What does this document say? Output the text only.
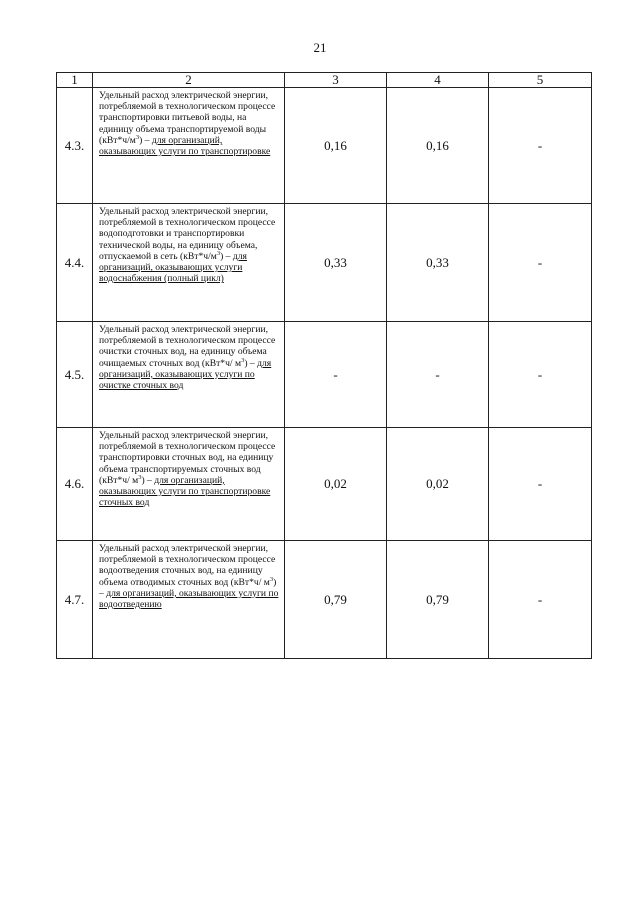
21
1	2	3	4	5
4.3.	Удельный расход электрической энергии, потребляемой в технологическом процессе транспортировки питьевой воды, на единицу объема транспортируемой воды $(кВт*ч/м^3)$ – для организаций, оказывающих услуги по транспортировке	0,16	0,16	-
4.4.	Удельный расход электрической энергии, потребляемой в технологическом процессе водоподготовки и транспортировки технической воды, на единицу объема, отпускаемой в сеть $(кВт*ч/м^3)$ – для организаций, оказывающих услуги водоснабжения (полный цикл)	0,33	0,33	-
4.5.	Удельный расход электрической энергии, потребляемой в технологическом процессе очистки сточных вод, на единицу объема очищаемых сточных вод (кВт*ч/ $м^3$) – для организаций, оказывающих услуги по очистке сточных вод	-	-	-
4.6.	Удельный расход электрической энергии, потребляемой в технологическом процессе транспортировки сточных вод, на единицу объема транспортируемых сточных вод (кВт*ч/ $м^3$) – для организаций, оказывающих услуги по транспортировке сточных вод	0,02	0,02	-
4.7.	Удельный расход электрической энергии, потребляемой в технологическом процессе водоотведения сточных вод, на единицу объема отводимых сточных вод (кВт*ч/ $м^3$) – для организаций, оказывающих услуги по водоотведению	0,79	0,79	-
